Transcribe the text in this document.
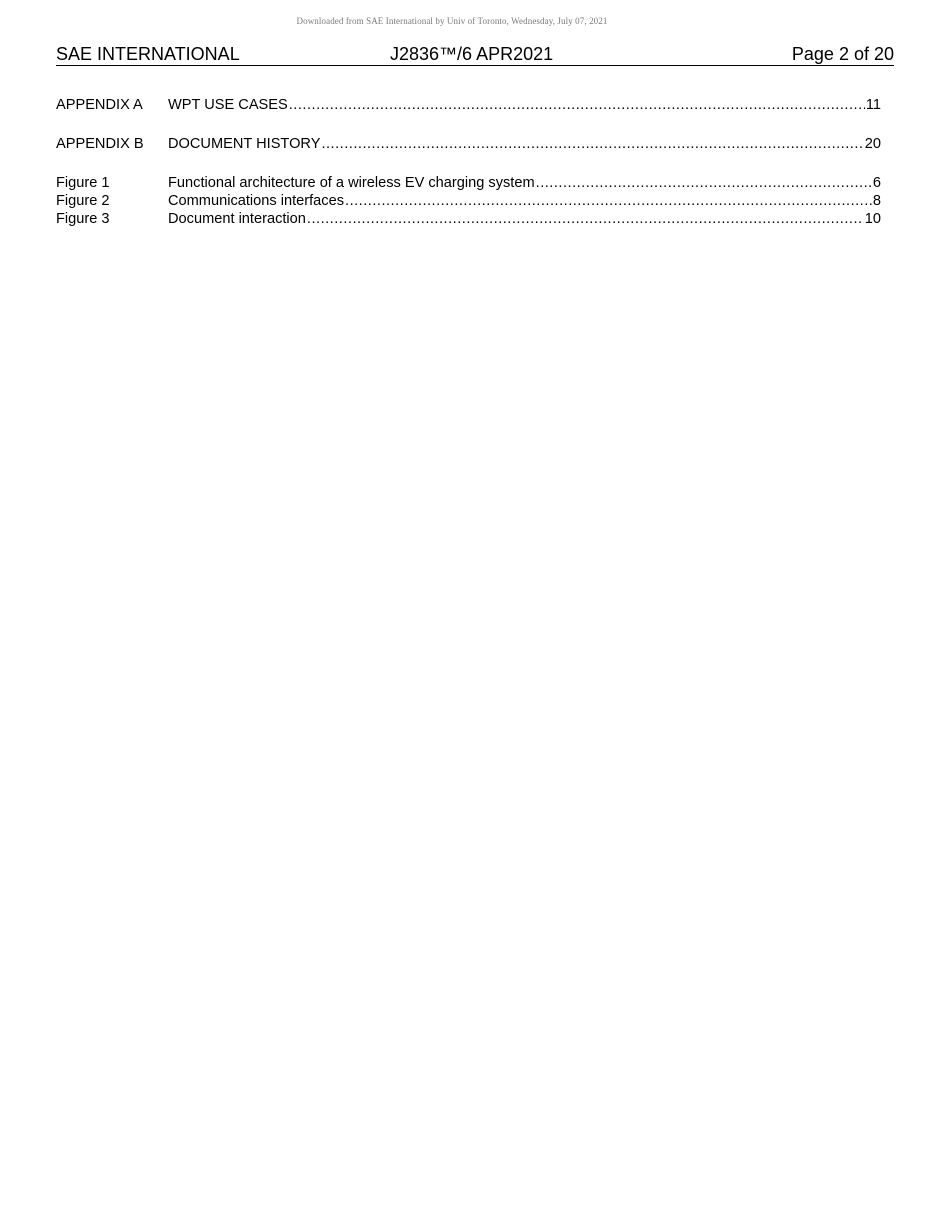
Downloaded from SAE International by Univ of Toronto, Wednesday, July 07, 2021
SAE INTERNATIONAL	J2836™/6 APR2021	Page 2 of 20
APPENDIX A	WPT USE CASES .....	11
APPENDIX B	DOCUMENT HISTORY .....	20
Figure 1	Functional architecture of a wireless EV charging system .....	6
Figure 2	Communications interfaces .....	8
Figure 3	Document interaction .....	10
